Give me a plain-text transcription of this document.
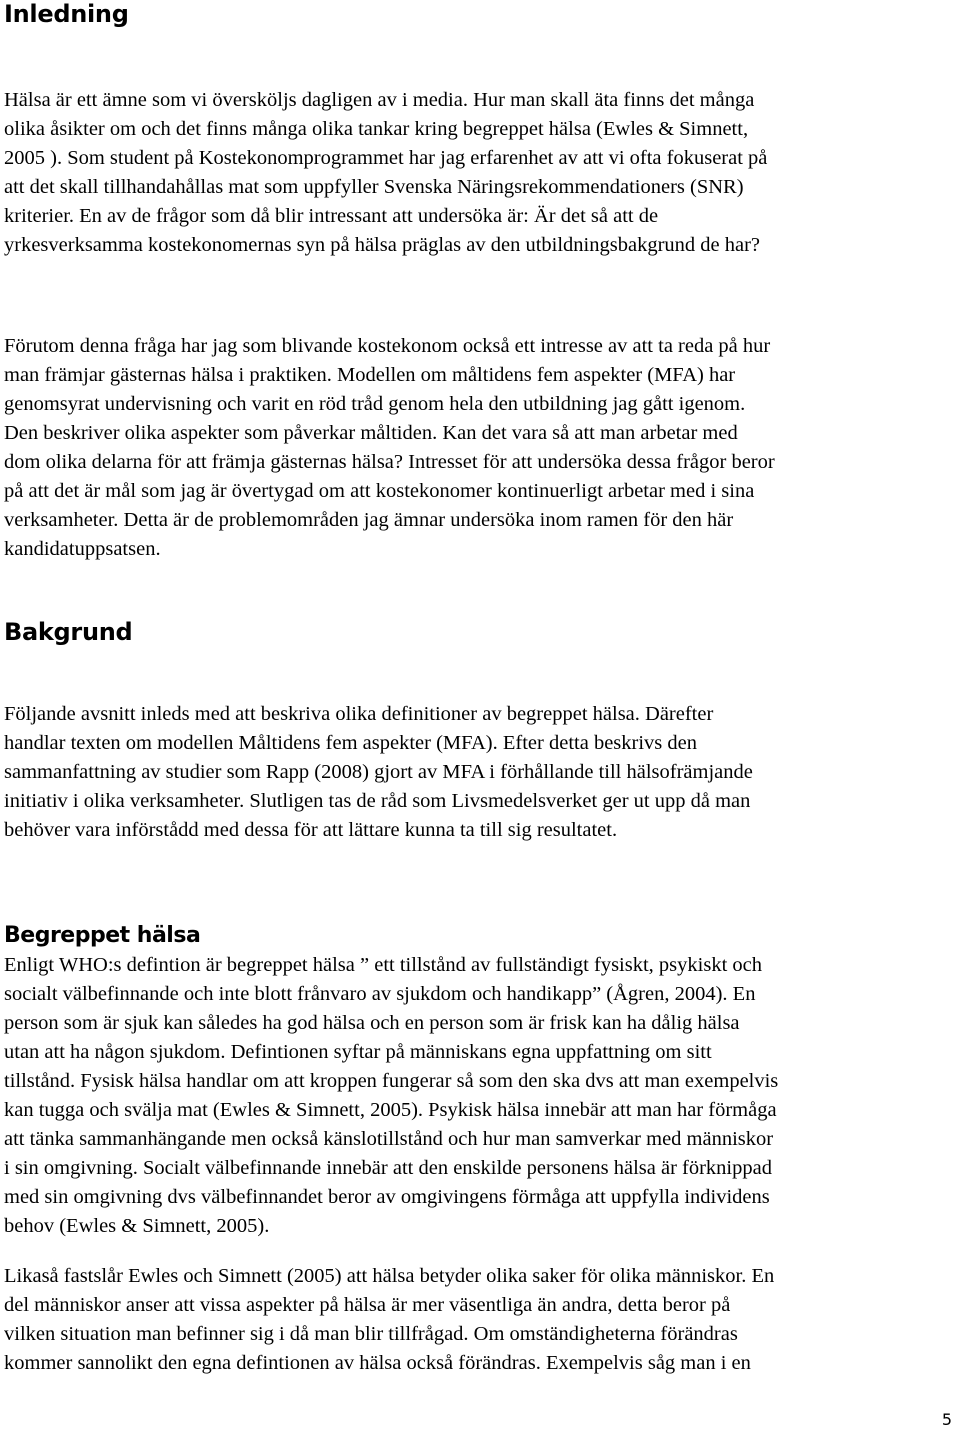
Inledning

Hälsa är ett ämne som vi översköljs dagligen av i media. Hur man skall äta finns det många
olika åsikter om och det finns många olika tankar kring begreppet hälsa (Ewles & Simnett,
2005 ). Som student på Kostekonomprogrammet har jag erfarenhet av att vi ofta fokuserat på
att det skall tillhandahållas mat som uppfyller Svenska Näringsrekommendationers (SNR)
kriterier. En av de frågor som då blir intressant att undersöka är: Är det så att de
yrkesverksamma kostekonomernas syn på hälsa präglas av den utbildningsbakgrund de har?

Förutom denna fråga har jag som blivande kostekonom också ett intresse av att ta reda på hur
man främjar gästernas hälsa i praktiken. Modellen om måltidens fem aspekter (MFA) har
genomsyrat undervisning och varit en röd tråd genom hela den utbildning jag gått igenom.
Den beskriver olika aspekter som påverkar måltiden. Kan det vara så att man arbetar med
dom olika delarna för att främja gästernas hälsa? Intresset för att undersöka dessa frågor beror
på att det är mål som jag är övertygad om att kostekonomer kontinuerligt arbetar med i sina
verksamheter. Detta är de problemområden jag ämnar undersöka inom ramen för den här
kandidatuppsatsen.

Bakgrund

Följande avsnitt inleds med att beskriva olika definitioner av begreppet hälsa. Därefter
handlar texten om modellen Måltidens fem aspekter (MFA). Efter detta beskrivs den
sammanfattning av studier som Rapp (2008) gjort av MFA i förhållande till hälsofrämjande
initiativ i olika verksamheter. Slutligen tas de råd som Livsmedelsverket ger ut upp då man
behöver vara införstådd med dessa för att lättare kunna ta till sig resultatet.

Begreppet hälsa

Enligt WHO:s defintion är begreppet hälsa ” ett tillstånd av fullständigt fysiskt, psykiskt och
socialt välbefinnande och inte blott frånvaro av sjukdom och handikapp” (Ågren, 2004). En
person som är sjuk kan således ha god hälsa och en person som är frisk kan ha dålig hälsa
utan att ha någon sjukdom. Defintionen syftar på människans egna uppfattning om sitt
tillstånd. Fysisk hälsa handlar om att kroppen fungerar så som den ska dvs att man exempelvis
kan tugga och svälja mat (Ewles & Simnett, 2005). Psykisk hälsa innebär att man har förmåga
att tänka sammanhängande men också känslotillstånd och hur man samverkar med människor
i sin omgivning. Socialt välbefinnande innebär att den enskilde personens hälsa är förknippad
med sin omgivning dvs välbefinnandet beror av omgivingens förmåga att uppfylla individens
behov (Ewles & Simnett, 2005).

Likaså fastslår Ewles och Simnett (2005) att hälsa betyder olika saker för olika människor. En
del människor anser att vissa aspekter på hälsa är mer väsentliga än andra, detta beror på
vilken situation man befinner sig i då man blir tillfrågad. Om omständigheterna förändras
kommer sannolikt den egna defintionen av hälsa också förändras. Exempelvis såg man i en

5
